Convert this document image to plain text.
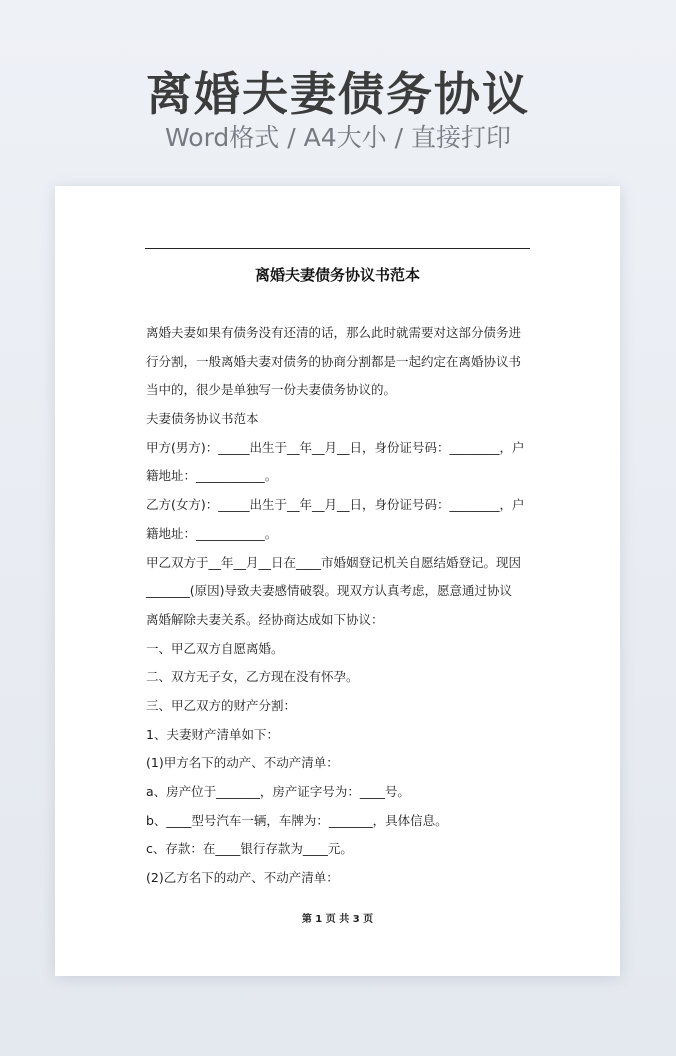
离婚夫妻债务协议
Word格式 / A4大小 / 直接打印
离婚夫妻债务协议书范本
离婚夫妻如果有债务没有还清的话，那么此时就需要对这部分债务进
行分割，一般离婚夫妻对债务的协商分割都是一起约定在离婚协议书
当中的，很少是单独写一份夫妻债务协议的。
夫妻债务协议书范本
甲方(男方)：_____出生于__年__月__日，身份证号码：________，户
籍地址：___________。
乙方(女方)：_____出生于__年__月__日，身份证号码：________，户
籍地址：___________。
甲乙双方于__年__月__日在____市婚姻登记机关自愿结婚登记。现因
_______(原因)导致夫妻感情破裂。现双方认真考虑，愿意通过协议
离婚解除夫妻关系。经协商达成如下协议：
一、甲乙双方自愿离婚。
二、双方无子女，乙方现在没有怀孕。
三、甲乙双方的财产分割：
1、夫妻财产清单如下：
(1)甲方名下的动产、不动产清单：
a、房产位于_______，房产证字号为：____号。
b、____型号汽车一辆，车牌为：_______，具体信息。
c、存款：在____银行存款为____元。
(2)乙方名下的动产、不动产清单：
第 1 页 共 3 页
